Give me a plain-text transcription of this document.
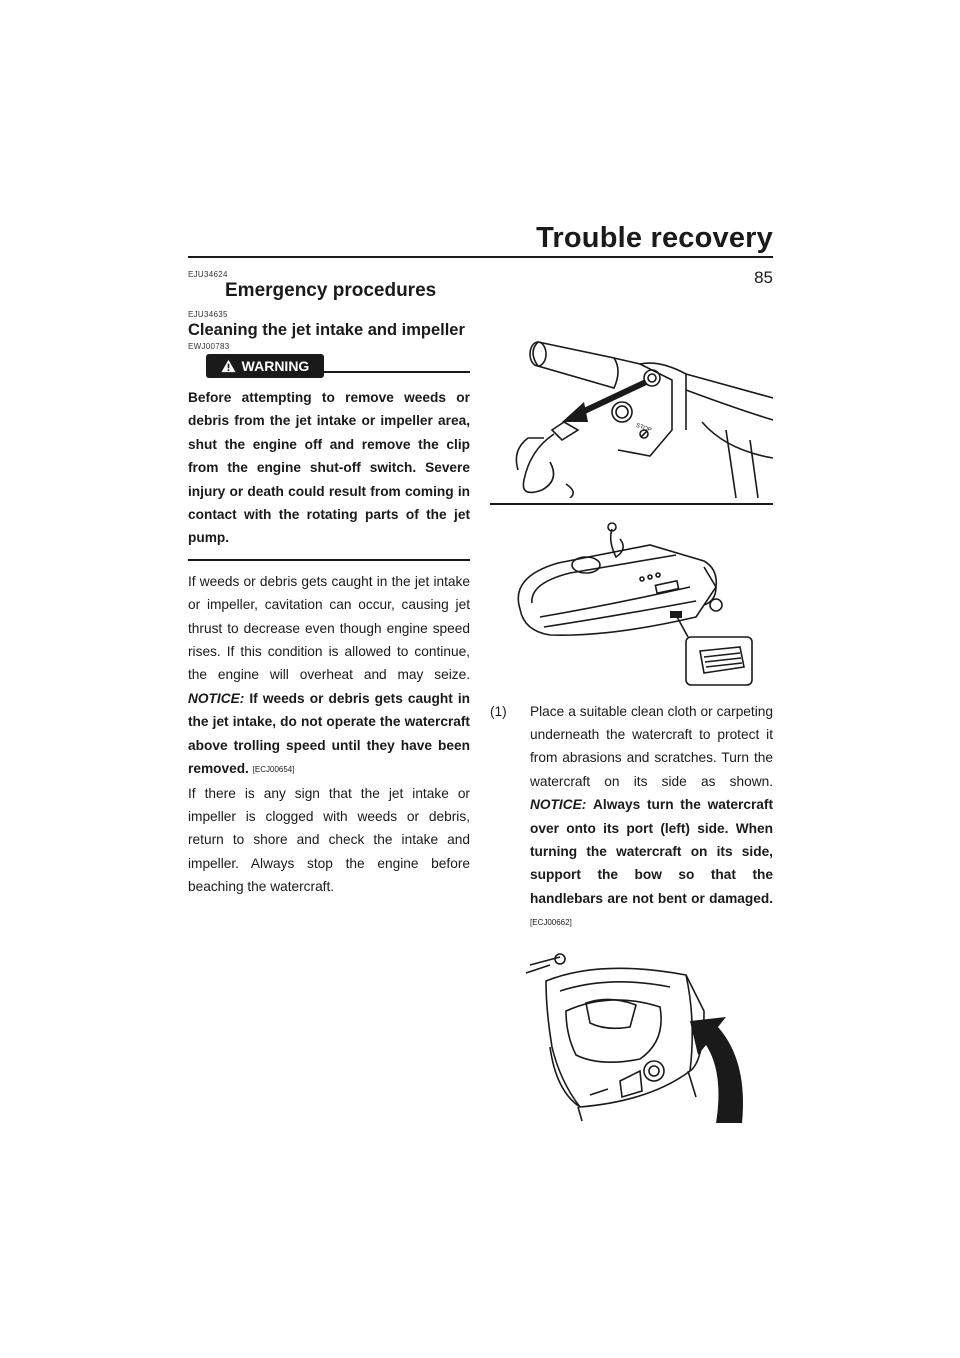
Trouble recovery
85
EJU34624
Emergency procedures
EJU34635
Cleaning the jet intake and impeller
EWJ00783
WARNING

Before attempting to remove weeds or debris from the jet intake or impeller area, shut the engine off and remove the clip from the engine shut-off switch. Severe injury or death could result from coming in contact with the rotating parts of the jet pump.

If weeds or debris gets caught in the jet intake or impeller, cavitation can occur, causing jet thrust to decrease even though engine speed rises. If this condition is allowed to continue, the engine will overheat and may seize. NOTICE: If weeds or debris gets caught in the jet intake, do not operate the watercraft above trolling speed until they have been removed. [ECJ00654]

If there is any sign that the jet intake or impeller is clogged with weeds or debris, return to shore and check the intake and impeller. Always stop the engine before beaching the watercraft.

STOP
(1)	Place a suitable clean cloth or carpeting underneath the watercraft to protect it from abrasions and scratches. Turn the watercraft on its side as shown. NOTICE: Always turn the watercraft over onto its port (left) side. When turning the watercraft on its side, support the bow so that the handlebars are not bent or damaged. [ECJ00662]
